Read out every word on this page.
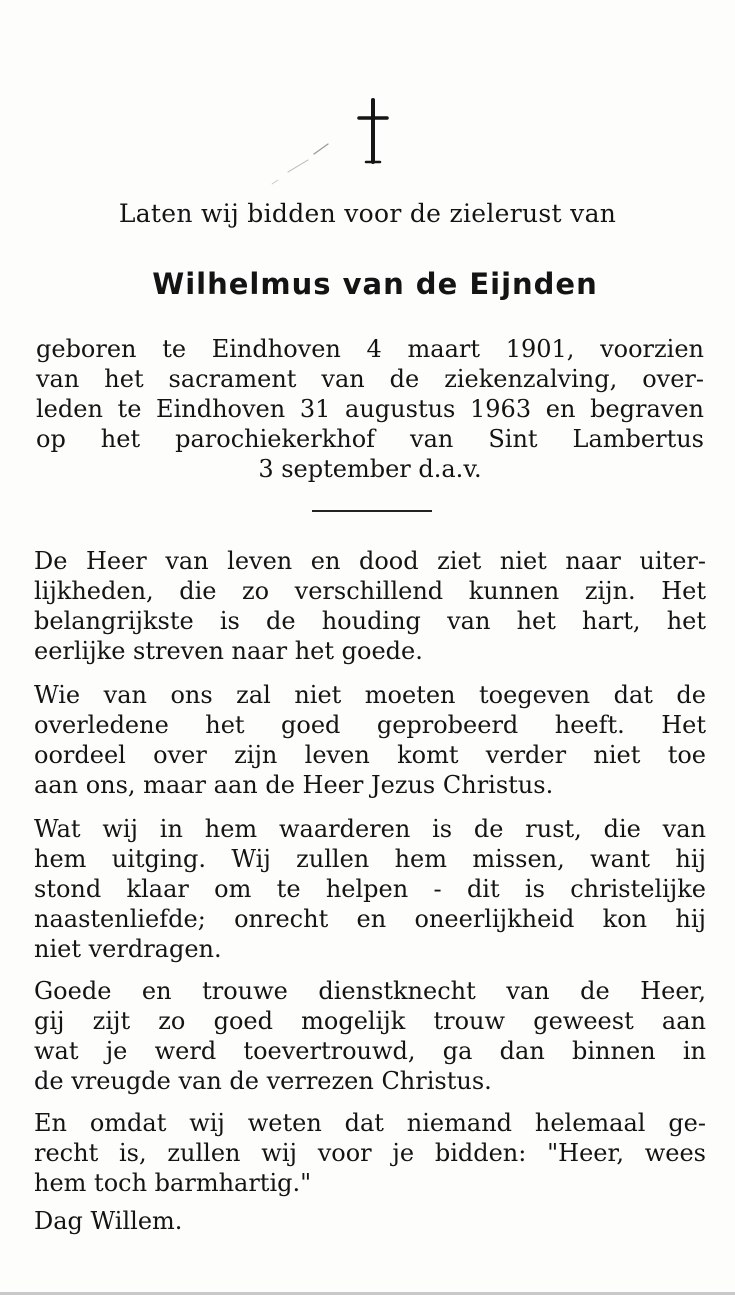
Laten wij bidden voor de zielerust van
Wilhelmus van de Eijnden

geboren te Eindhoven 4 maart 1901, voorzien
van het sacrament van de ziekenzalving, over-
leden te Eindhoven 31 augustus 1963 en begraven
op het parochiekerkhof van Sint Lambertus
3 september d.a.v.

De Heer van leven en dood ziet niet naar uiter-
lijkheden, die zo verschillend kunnen zijn. Het
belangrijkste is de houding van het hart, het
eerlijke streven naar het goede.

Wie van ons zal niet moeten toegeven dat de
overledene het goed geprobeerd heeft. Het
oordeel over zijn leven komt verder niet toe
aan ons, maar aan de Heer Jezus Christus.

Wat wij in hem waarderen is de rust, die van
hem uitging. Wij zullen hem missen, want hij
stond klaar om te helpen - dit is christelijke
naastenliefde; onrecht en oneerlijkheid kon hij
niet verdragen.

Goede en trouwe dienstknecht van de Heer,
gij zijt zo goed mogelijk trouw geweest aan
wat je werd toevertrouwd, ga dan binnen in
de vreugde van de verrezen Christus.

En omdat wij weten dat niemand helemaal ge-
recht is, zullen wij voor je bidden: "Heer, wees
hem toch barmhartig."

Dag Willem.
